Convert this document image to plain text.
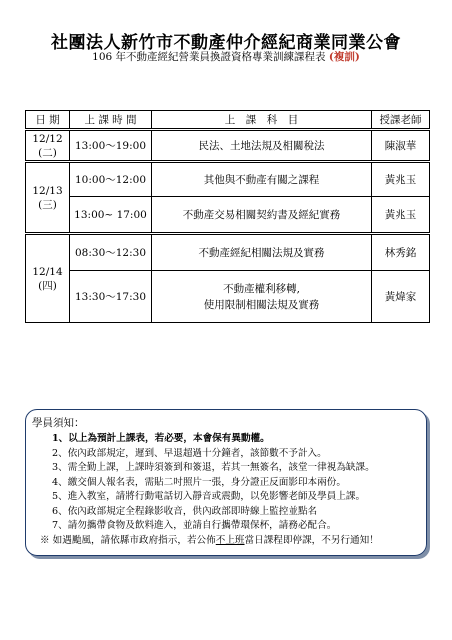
社團法人新竹市不動產仲介經紀商業同業公會
106 年不動產經紀營業員換證資格專業訓練課程表 (複訓)
日 期	上 課 時 間	上　課　科　目	授課老師

12/12
(二)	13:00～19:00	民法、土地法規及相關稅法	陳淑華

12/13
(三)	10:00～12:00	其他與不動產有關之課程	黃兆玉
	13:00~ 17:00	不動產交易相關契約書及經紀實務	黃兆玉

12/14
(四)	08:30～12:30	不動產經紀相關法規及實務	林秀銘
	13:30～17:30	不動產權利移轉,
使用限制相關法規及實務	黃煒家
學員須知：
1、以上為預計上課表，若必要，本會保有異動權。
2、依內政部規定，遲到、早退超過十分鐘者，該節數不予計入。
3、需全勤上課，上課時須簽到和簽退，若其一無簽名，該堂一律視為缺課。
4、繳交個人報名表，需貼二吋照片一張，身分證正反面影印本兩份。
5、進入教室，請將行動電話切入靜音或震動，以免影響老師及學員上課。
6、依內政部規定全程錄影收音，供內政部即時線上監控並點名
7、請勿攜帶食物及飲料進入，並請自行攜帶環保杯，請務必配合。
※ 如遇颱風，請依縣市政府指示，若公佈不上班當日課程即停課，不另行通知！
